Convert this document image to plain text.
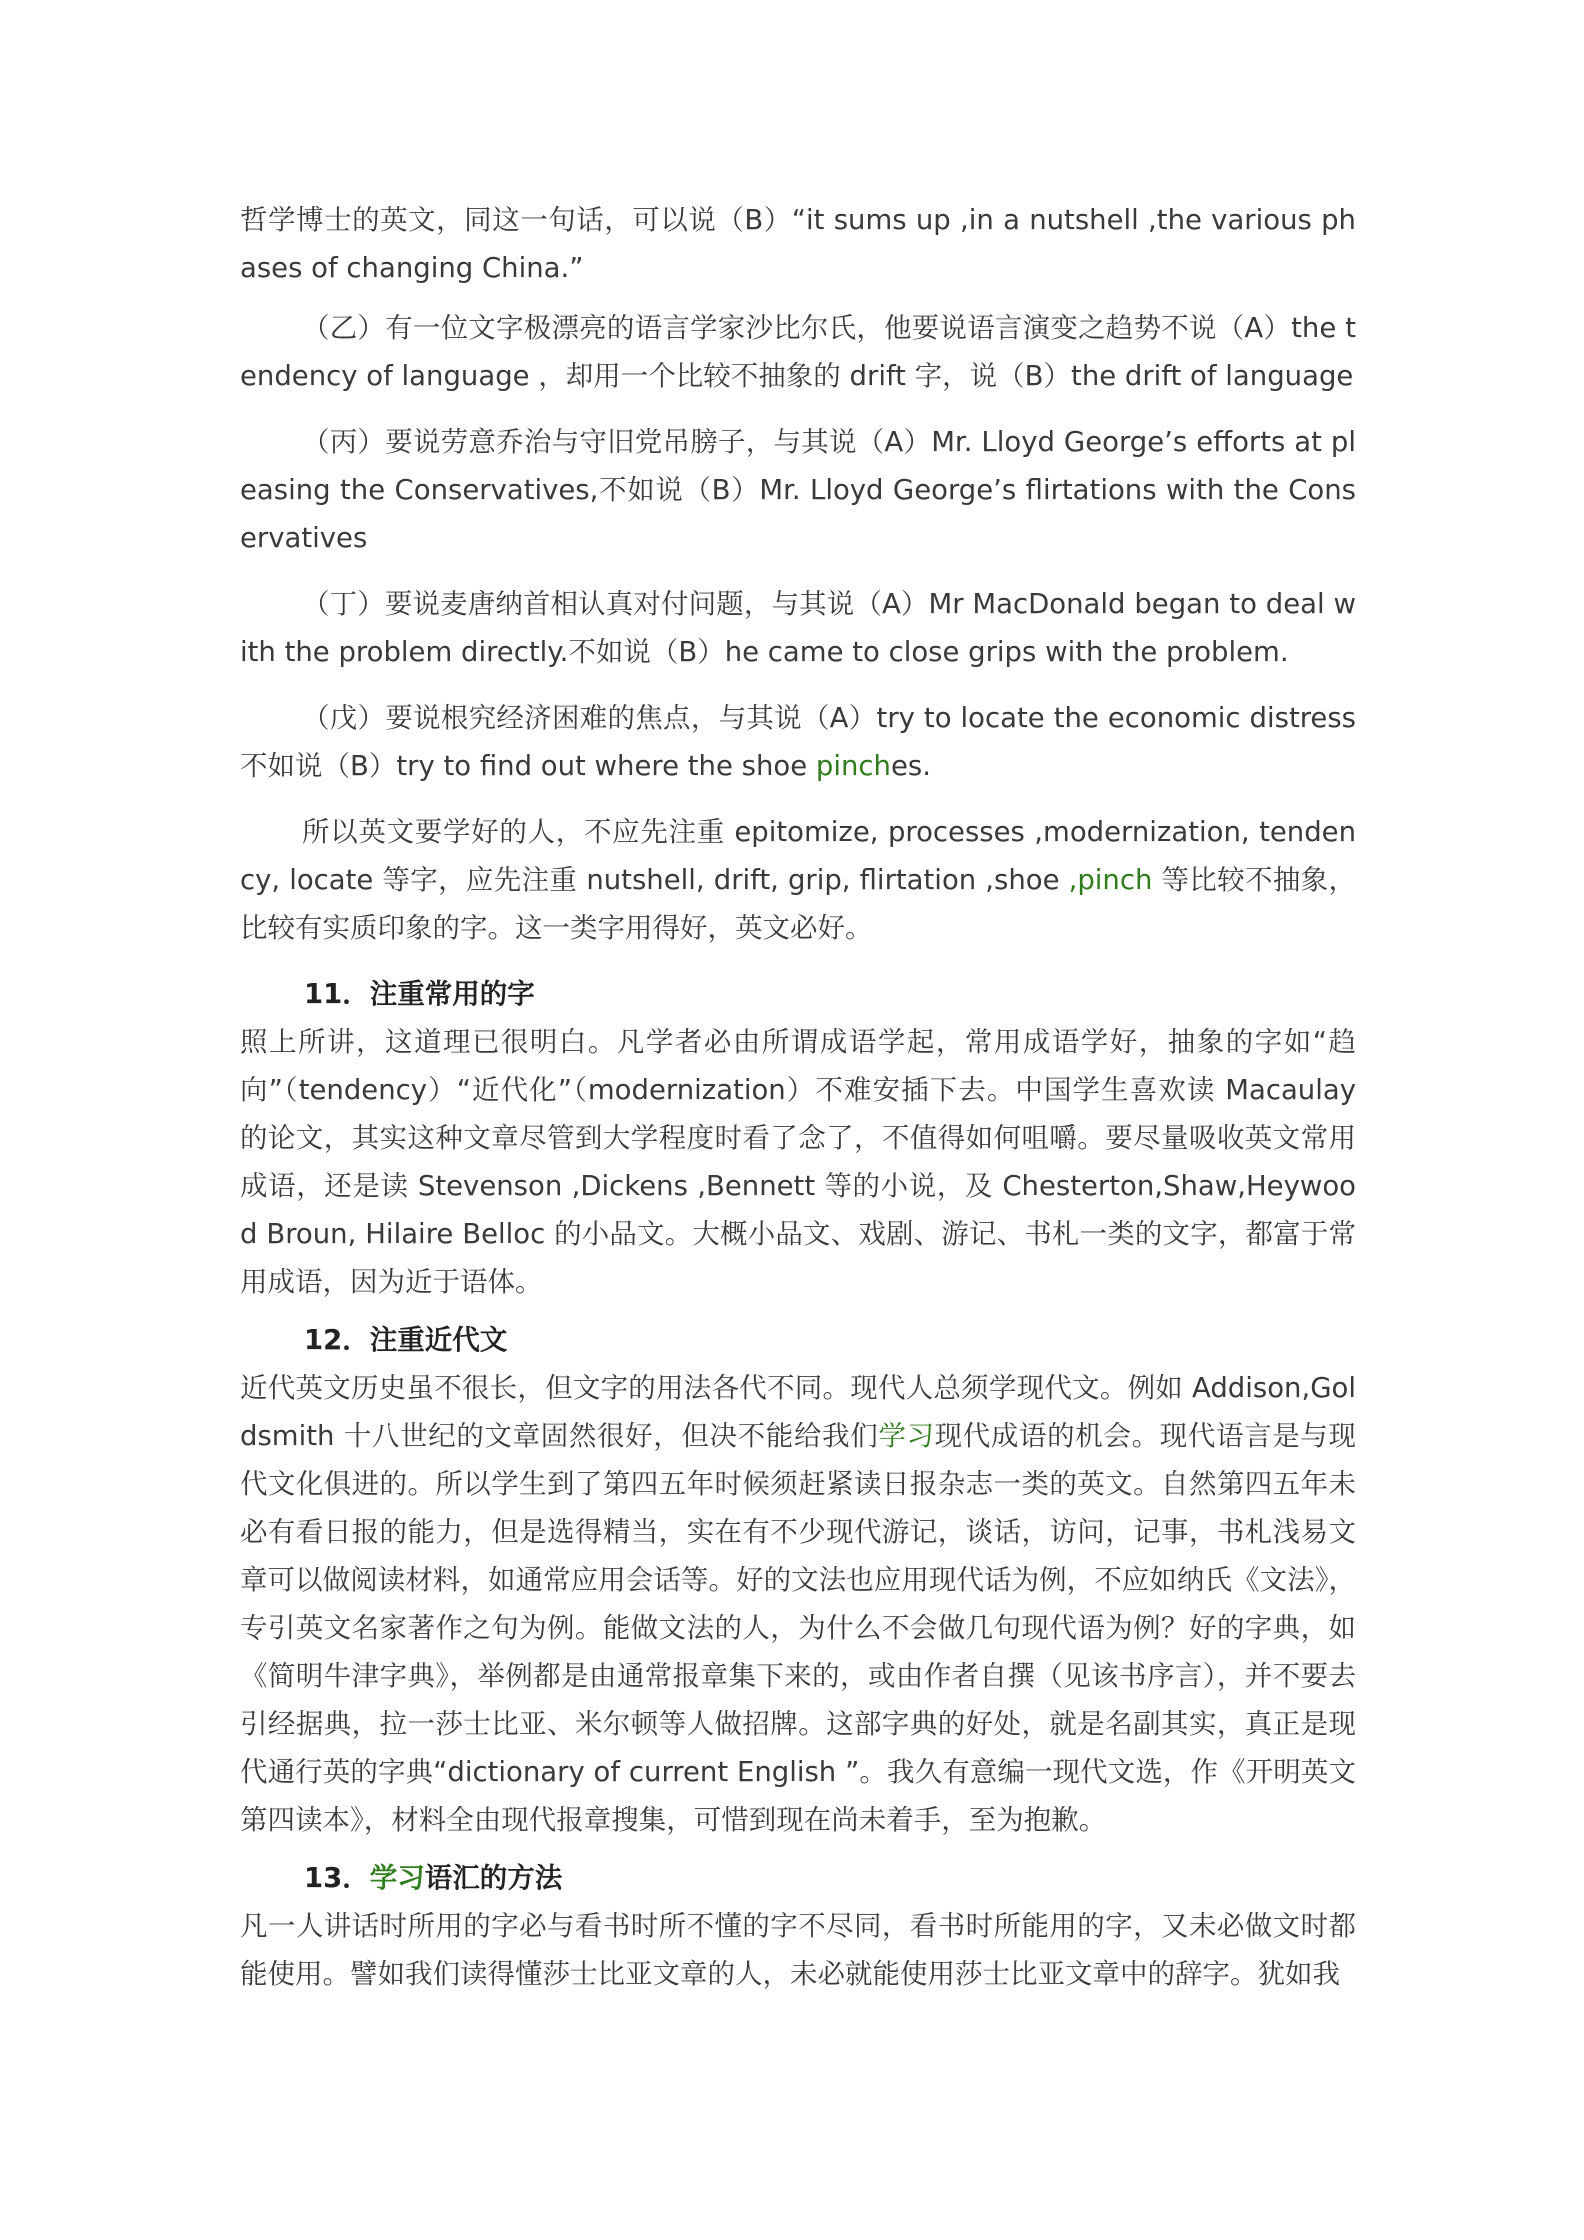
哲学博士的英文，同这一句话，可以说（B）“it sums up ,in a nutshell ,the various phases of changing China.”

（乙）有一位文字极漂亮的语言学家沙比尔氏，他要说语言演变之趋势不说（A）the tendency of language ，却用一个比较不抽象的 drift 字，说（B）the drift of language

（丙）要说劳意乔治与守旧党吊膀子，与其说（A）Mr. Lloyd George’s efforts at pleasing the Conservatives,不如说（B）Mr. Lloyd George’s flirtations with the Conservatives

（丁）要说麦唐纳首相认真对付问题，与其说（A）Mr MacDonald began to deal with the problem directly.不如说（B）he came to close grips with the problem.

（戊）要说根究经济困难的焦点，与其说（A）try to locate the economic distress 不如说（B）try to find out where the shoe pinches.

所以英文要学好的人，不应先注重 epitomize, processes ,modernization, tendency, locate 等字，应先注重 nutshell, drift, grip, flirtation ,shoe ,pinch 等比较不抽象，比较有实质印象的字。这一类字用得好，英文必好。

11．注重常用的字

照上所讲，这道理已很明白。凡学者必由所谓成语学起，常用成语学好，抽象的字如“趋向”（tendency）“近代化”（modernization）不难安插下去。中国学生喜欢读 Macaulay 的论文，其实这种文章尽管到大学程度时看了念了，不值得如何咀嚼。要尽量吸收英文常用成语，还是读 Stevenson ,Dickens ,Bennett 等的小说，及 Chesterton,Shaw,Heywood Broun, Hilaire Belloc 的小品文。大概小品文、戏剧、游记、书札一类的文字，都富于常用成语，因为近于语体。

12．注重近代文

近代英文历史虽不很长，但文字的用法各代不同。现代人总须学现代文。例如 Addison,Goldsmith 十八世纪的文章固然很好，但决不能给我们学习现代成语的机会。现代语言是与现代文化俱进的。所以学生到了第四五年时候须赶紧读日报杂志一类的英文。自然第四五年未必有看日报的能力，但是选得精当，实在有不少现代游记，谈话，访问，记事，书札浅易文章可以做阅读材料，如通常应用会话等。好的文法也应用现代话为例，不应如纳氏《文法》，专引英文名家著作之句为例。能做文法的人，为什么不会做几句现代语为例？好的字典，如《简明牛津字典》，举例都是由通常报章集下来的，或由作者自撰（见该书序言），并不要去引经据典，拉一莎士比亚、米尔顿等人做招牌。这部字典的好处，就是名副其实，真正是现代通行英的字典“dictionary of current English ”。我久有意编一现代文选，作《开明英文第四读本》，材料全由现代报章搜集，可惜到现在尚未着手，至为抱歉。

13．学习语汇的方法

凡一人讲话时所用的字必与看书时所不懂的字不尽同，看书时所能用的字，又未必做文时都能使用。譬如我们读得懂莎士比亚文章的人，未必就能使用莎士比亚文章中的辞字。犹如我
